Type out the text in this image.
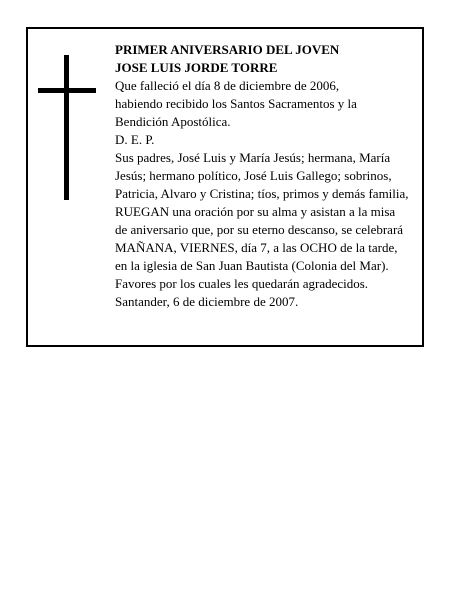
PRIMER ANIVERSARIO DEL JOVEN
JOSE LUIS JORDE TORRE
Que falleció el día 8 de diciembre de 2006,
habiendo recibido los Santos Sacramentos y la
Bendición Apostólica.
D. E. P.
Sus padres, José Luis y María Jesús; hermana, María
Jesús; hermano político, José Luis Gallego; sobrinos,
Patricia, Alvaro y Cristina; tíos, primos y demás familia,
RUEGAN una oración por su alma y asistan a la misa
de aniversario que, por su eterno descanso, se celebrará
MAÑANA, VIERNES, día 7, a las OCHO de la tarde,
en la iglesia de San Juan Bautista (Colonia del Mar).
Favores por los cuales les quedarán agradecidos.
Santander, 6 de diciembre de 2007.
